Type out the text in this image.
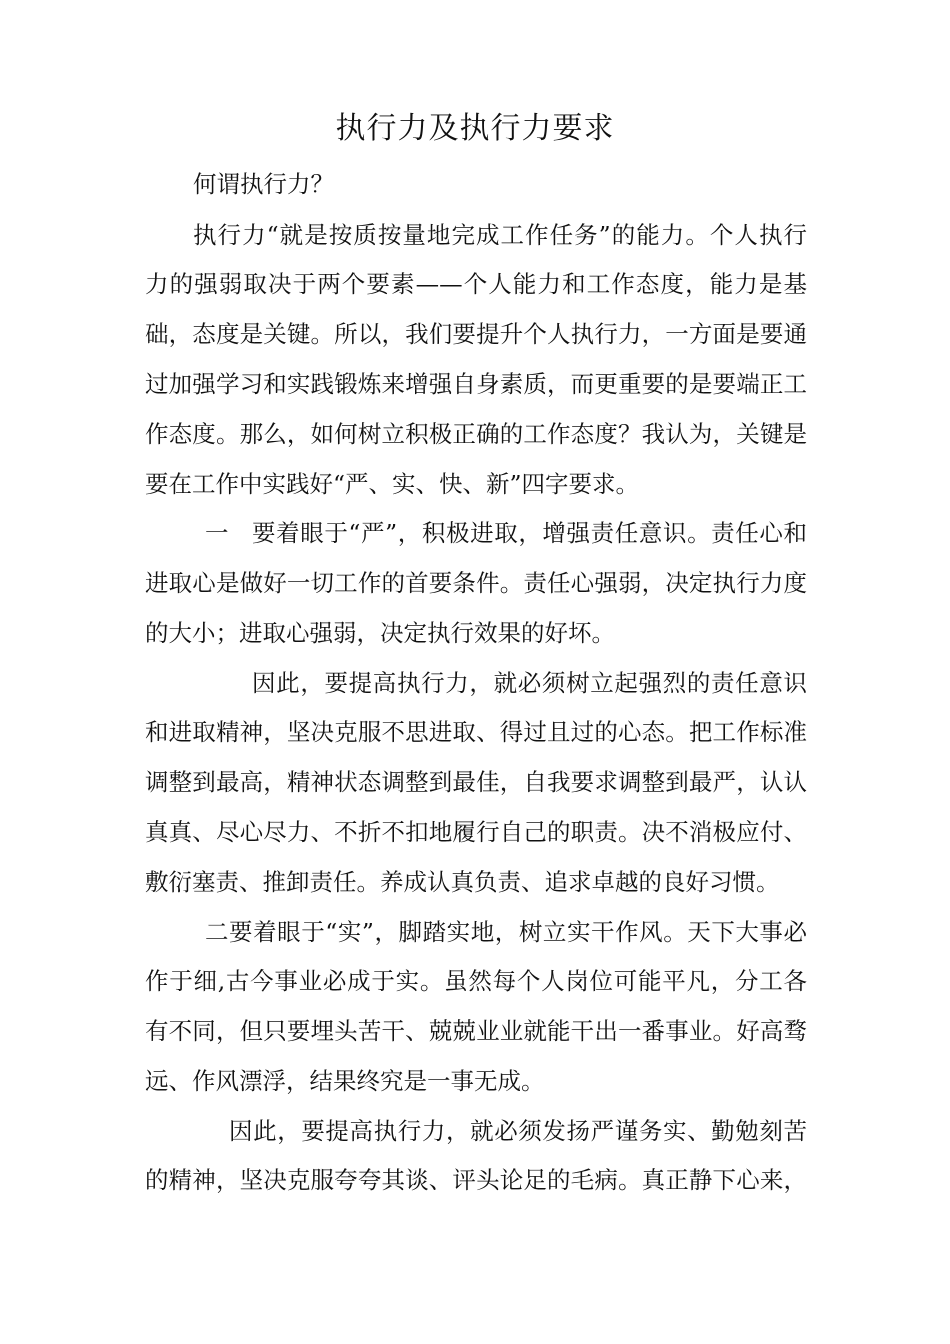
执行力及执行力要求
何谓执行力？
执行力“就是按质按量地完成工作任务”的能力。个人执行
力的强弱取决于两个要素——个人能力和工作态度，能力是基
础，态度是关键。所以，我们要提升个人执行力，一方面是要通
过加强学习和实践锻炼来增强自身素质，而更重要的是要端正工
作态度。那么，如何树立积极正确的工作态度？我认为，关键是
要在工作中实践好“严、实、快、新”四字要求。
一 要着眼于“严”，积极进取，增强责任意识。责任心和
进取心是做好一切工作的首要条件。责任心强弱，决定执行力度
的大小；进取心强弱，决定执行效果的好坏。
因此，要提高执行力，就必须树立起强烈的责任意识
和进取精神，坚决克服不思进取、得过且过的心态。把工作标准
调整到最高，精神状态调整到最佳，自我要求调整到最严，认认
真真、尽心尽力、不折不扣地履行自己的职责。决不消极应付、
敷衍塞责、推卸责任。养成认真负责、追求卓越的良好习惯。
二要着眼于“实”，脚踏实地，树立实干作风。天下大事必
作于细,古今事业必成于实。虽然每个人岗位可能平凡，分工各
有不同，但只要埋头苦干、兢兢业业就能干出一番事业。好高骛
远、作风漂浮，结果终究是一事无成。
因此，要提高执行力，就必须发扬严谨务实、勤勉刻苦
的精神，坚决克服夸夸其谈、评头论足的毛病。真正静下心来，
